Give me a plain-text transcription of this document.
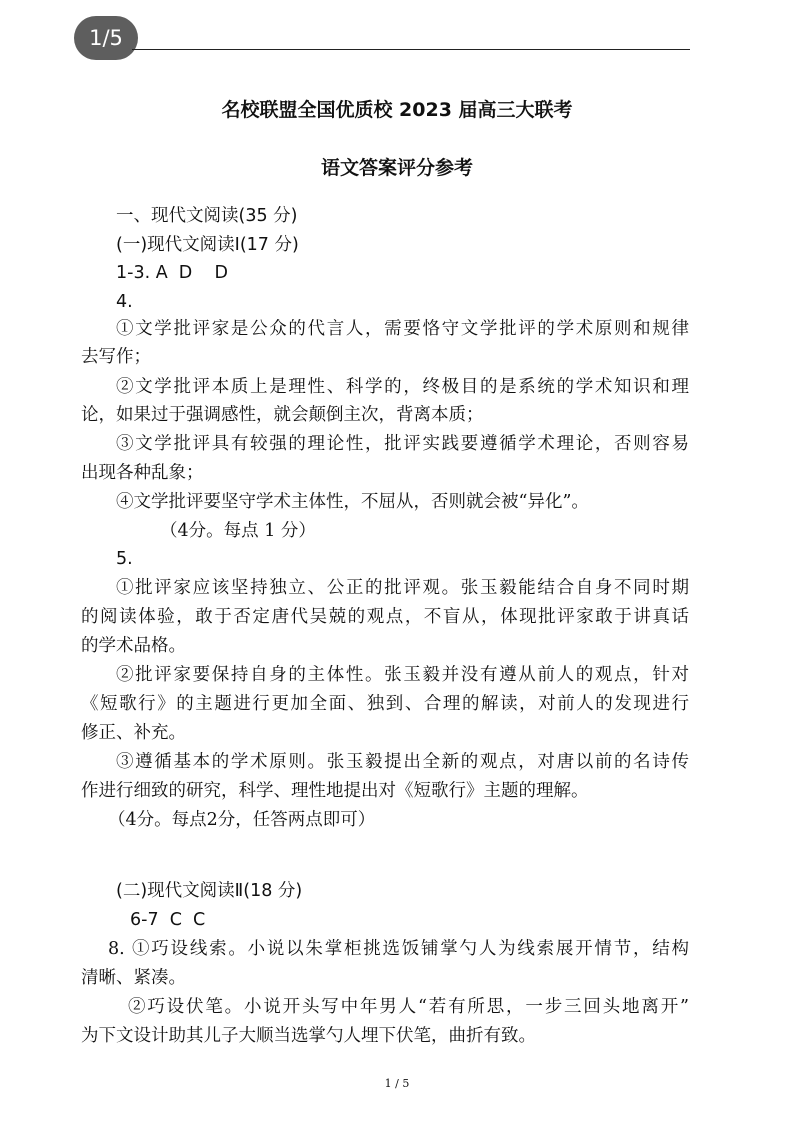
1/5
名校联盟全国优质校 2023 届高三大联考
语文答案评分参考
一、现代文阅读(35 分)
(一)现代文阅读Ⅰ(17 分)
1-3. A  D    D
4.
①文学批评家是公众的代言人，需要恪守文学批评的学术原则和规律
去写作；
②文学批评本质上是理性、科学的，终极目的是系统的学术知识和理
论，如果过于强调感性，就会颠倒主次，背离本质；
③文学批评具有较强的理论性，批评实践要遵循学术理论，否则容易
出现各种乱象；
④文学批评要坚守学术主体性，不屈从，否则就会被“异化”。
（4分。每点 1 分）
5.
①批评家应该坚持独立、公正的批评观。张玉毅能结合自身不同时期
的阅读体验，敢于否定唐代吴兢的观点，不盲从，体现批评家敢于讲真话
的学术品格。
②批评家要保持自身的主体性。张玉毅并没有遵从前人的观点，针对
《短歌行》的主题进行更加全面、独到、合理的解读，对前人的发现进行
修正、补充。
③遵循基本的学术原则。张玉毅提出全新的观点，对唐以前的名诗传
作进行细致的研究，科学、理性地提出对《短歌行》主题的理解。
（4分。每点2分，任答两点即可）
(二)现代文阅读Ⅱ(18 分)
6-7  C  C
8. ①巧设线索。小说以朱掌柜挑选饭铺掌勺人为线索展开情节，结构
清晰、紧凑。
②巧设伏笔。小说开头写中年男人“若有所思，一步三回头地离开”
为下文设计助其儿子大顺当选掌勺人埋下伏笔，曲折有致。
1 / 5
